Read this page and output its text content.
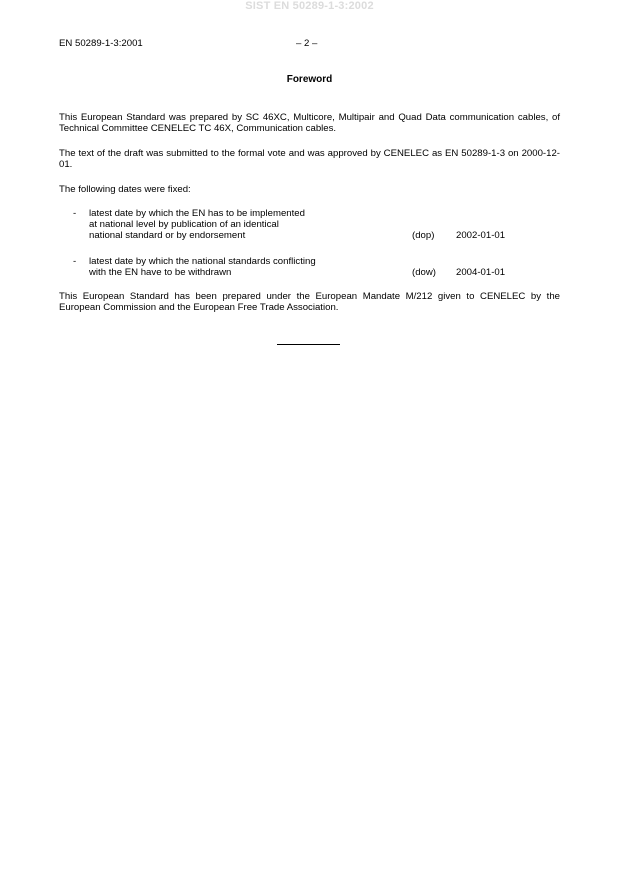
SIST EN 50289-1-3:2002
EN 50289-1-3:2001	– 2 –
Foreword
This European Standard was prepared by SC 46XC, Multicore, Multipair and Quad Data communication cables, of Technical Committee CENELEC TC 46X, Communication cables.
The text of the draft was submitted to the formal vote and was approved by CENELEC as EN 50289-1-3 on 2000-12-01.
The following dates were fixed:
- latest date by which the EN has to be implemented
at national level by publication of an identical
national standard or by endorsement	(dop) 2002-01-01
- latest date by which the national standards conflicting
with the EN have to be withdrawn	(dow) 2004-01-01
This European Standard has been prepared under the European Mandate M/212 given to CENELEC by the European Commission and the European Free Trade Association.
